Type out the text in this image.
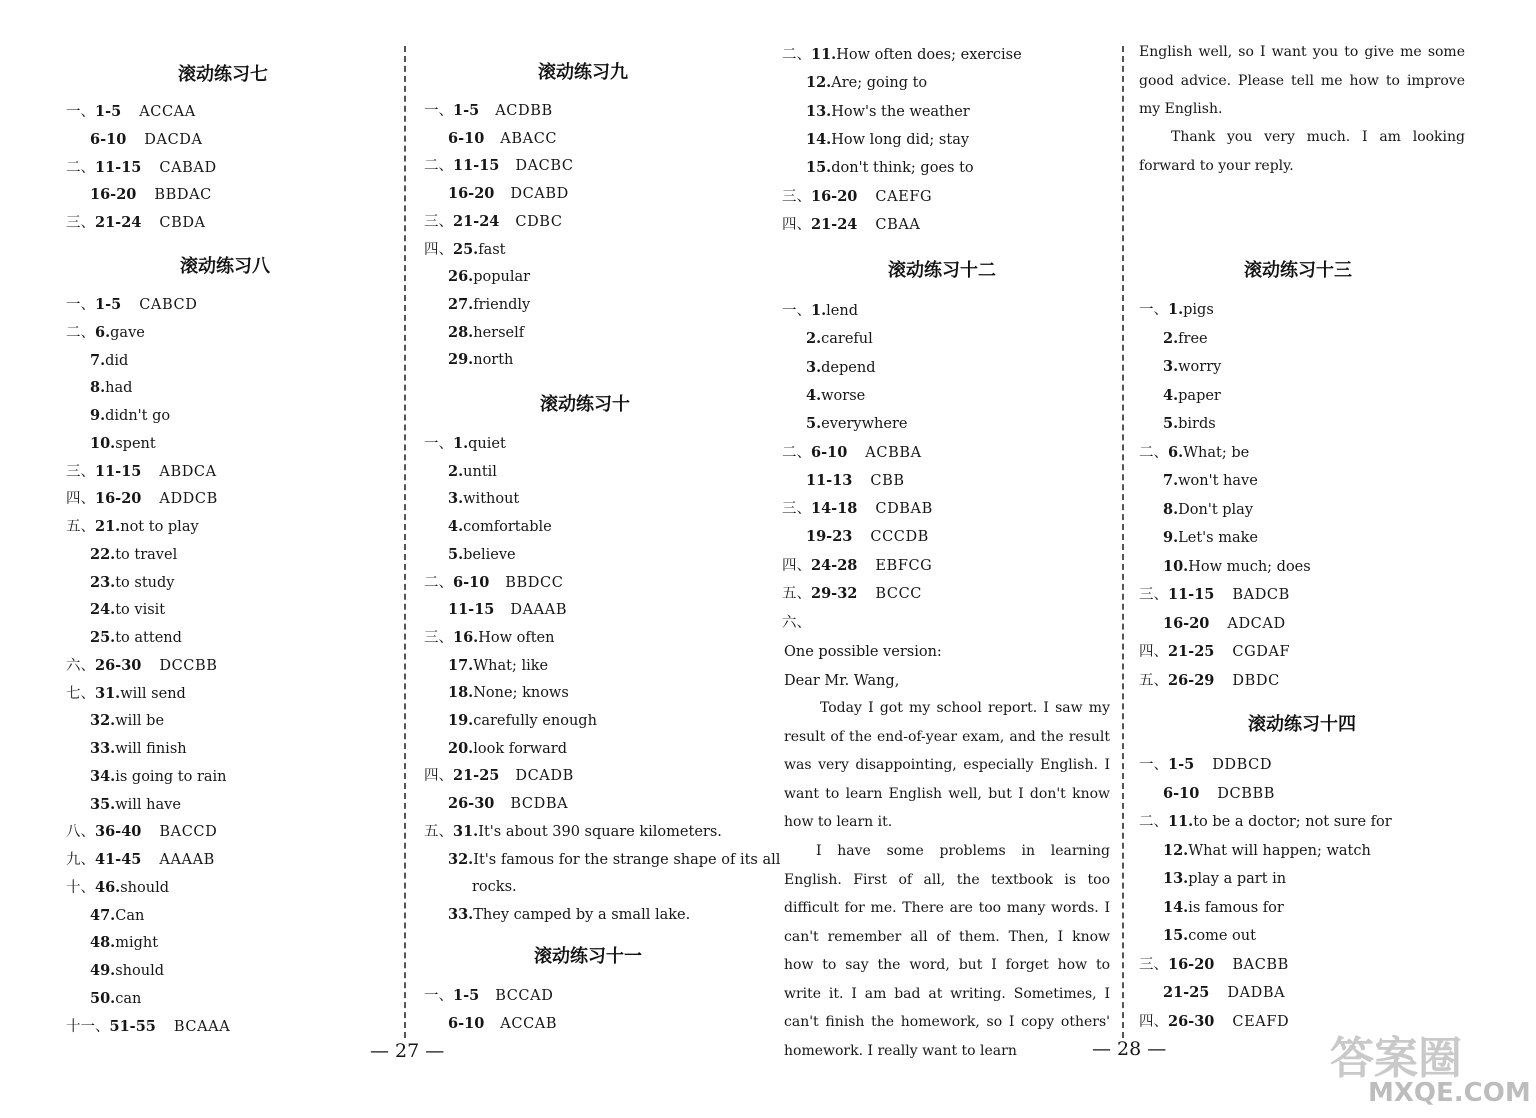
滚动练习七
一、1-5 ACCAA
6-10 DACDA
二、11-15 CABAD
16-20 BBDAC
三、21-24 CBDA
滚动练习八
一、1-5 CABCD
二、6.gave
7.did
8.had
9.didn't go
10.spent
三、11-15 ABDCA
四、16-20 ADDCB
五、21.not to play
22.to travel
23.to study
24.to visit
25.to attend
六、26-30 DCCBB
七、31.will send
32.will be
33.will finish
34.is going to rain
35.will have
八、36-40 BACCD
九、41-45 AAAAB
十、46.should
47.Can
48.might
49.should
50.can
十一、51-55 BCAAA
滚动练习九
一、1-5 ACDBB
6-10 ABACC
二、11-15 DACBC
16-20 DCABD
三、21-24 CDBC
四、25.fast
26.popular
27.friendly
28.herself
29.north
滚动练习十
一、1.quiet
2.until
3.without
4.comfortable
5.believe
二、6-10 BBDCC
11-15 DAAAB
三、16.How often
17.What; like
18.None; knows
19.carefully enough
20.look forward
四、21-25 DCADB
26-30 BCDBA
五、31.It's about 390 square kilometers.
32.It's famous for the strange shape of its all
rocks.
33.They camped by a small lake.
滚动练习十一
一、1-5 BCCAD
6-10 ACCAB
二、11.How often does; exercise
12.Are; going to
13.How's the weather
14.How long did; stay
15.don't think; goes to
三、16-20 CAEFG
四、21-24 CBAA
滚动练习十二
一、1.lend
2.careful
3.depend
4.worse
5.everywhere
二、6-10 ACBBA
11-13 CBB
三、14-18 CDBAB
19-23 CCCDB
四、24-28 EBFCG
五、29-32 BCCC
六、
One possible version:
Dear Mr. Wang,

Today I got my school report. I saw my result of the end-of-year exam, and the result was very disappointing, especially English. I want to learn English well, but I don't know how to learn it.

I have some problems in learning English. First of all, the textbook is too difficult for me. There are too many words. I can't remember all of them. Then, I know how to say the word, but I forget how to write it. I am bad at writing. Sometimes, I can't finish the homework, so I copy others' homework. I really want to learn

English well, so I want you to give me some good advice. Please tell me how to improve my English.

Thank you very much. I am looking forward to your reply.

滚动练习十三
一、1.pigs
2.free
3.worry
4.paper
5.birds
二、6.What; be
7.won't have
8.Don't play
9.Let's make
10.How much; does
三、11-15 BADCB
16-20 ADCAD
四、21-25 CGDAF
五、26-29 DBDC
滚动练习十四
一、1-5 DDBCD
6-10 DCBBB
二、11.to be a doctor; not sure for
12.What will happen; watch
13.play a part in
14.is famous for
15.come out
三、16-20 BACBB
21-25 DADBA
四、26-30 CEAFD
— 27 —	— 28 —	答案圈
MXQE.COM
